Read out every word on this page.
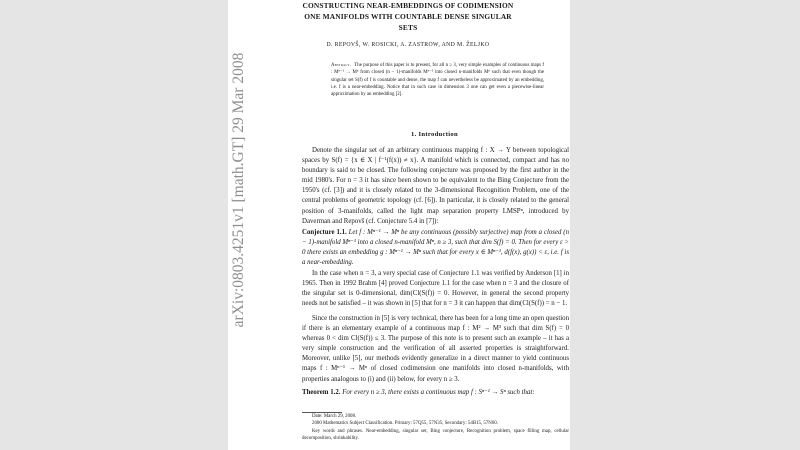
arXiv:0803.4251v1 [math.GT] 29 Mar 2008
CONSTRUCTING NEAR-EMBEDDINGS OF CODIMENSION
ONE MANIFOLDS WITH COUNTABLE DENSE SINGULAR
SETS

D. REPOVŠ, W. ROSICKI, A. ZASTROW, AND M. ŽELJKO

Abstract. The purpose of this paper is to present, for all n ≥ 3, very simple examples of continuous maps f : Mⁿ⁻¹ → Mⁿ from closed (n − 1)-manifolds Mⁿ⁻¹ into closed n-manifolds Mⁿ such that even though the singular set S(f) of f is countable and dense, the map f can nevertheless be approximated by an embedding, i.e. f is a near-embedding. Notice that in such case in dimension 3 one can get even a piecewise-linear approximation by an embedding [2].

1. Introduction

Denote the singular set of an arbitrary continuous mapping f : X → Y between topological spaces by S(f) = {x ∈ X | f⁻¹(f(x)) ≠ x}. A manifold which is connected, compact and has no boundary is said to be closed. The following conjecture was proposed by the first author in the mid 1980's. For n = 3 it has since been shown to be equivalent to the Bing Conjecture from the 1950's (cf. [3]) and it is closely related to the 3-dimensional Recognition Problem, one of the central problems of geometric topology (cf. [6]). In particular, it is closely related to the general position of 3-manifolds, called the light map separation property LMSPⁿ, introduced by Daverman and Repovš (cf. Conjecture 5.4 in [7]):

Conjecture 1.1. Let f : Mⁿ⁻¹ → Mⁿ be any continuous (possibly surjective) map from a closed (n − 1)-manifold Mⁿ⁻¹ into a closed n-manifold Mⁿ, n ≥ 3, such that dim S(f) = 0. Then for every ε > 0 there exists an embedding g : Mⁿ⁻¹ → Mⁿ such that for every x ∈ Mⁿ⁻¹, d(f(x), g(x)) < ε, i.e. f is a near-embedding.

In the case when n = 3, a very special case of Conjecture 1.1 was verified by Anderson [1] in 1965. Then in 1992 Brahm [4] proved Conjecture 1.1 for the case when n = 3 and the closure of the singular set is 0-dimensional, dim(Cl(S(f)) = 0. However, in general the second property needs not be satisfied – it was shown in [5] that for n = 3 it can happen that dim(Cl(S(f)) = n − 1.

Since the construction in [5] is very technical, there has been for a long time an open question if there is an elementary example of a continuous map f : M² → M³ such that dim S(f) = 0 whereas 0 < dim Cl(S(f)) ≤ 3. The purpose of this note is to present such an example – it has a very simple construction and the verification of all asserted properties is straightforward. Moreover, unlike [5], our methods evidently generalize in a direct manner to yield continuous maps f : Mⁿ⁻¹ → Mⁿ of closed codimension one manifolds into closed n-manifolds, with properties analogous to (i) and (ii) below, for every n ≥ 3.

Theorem 1.2. For every n ≥ 3, there exists a continuous map f : Sⁿ⁻¹ → Sⁿ such that:

Date: March 29, 2008.

2000 Mathematics Subject Classification. Primary: 57Q55, 57N35; Secondary: 54B15, 57N60.

Key words and phrases. Near-embedding, singular set, Bing conjecture, Recognition problem, space filling map, cellular decomposition, shrinkability.
